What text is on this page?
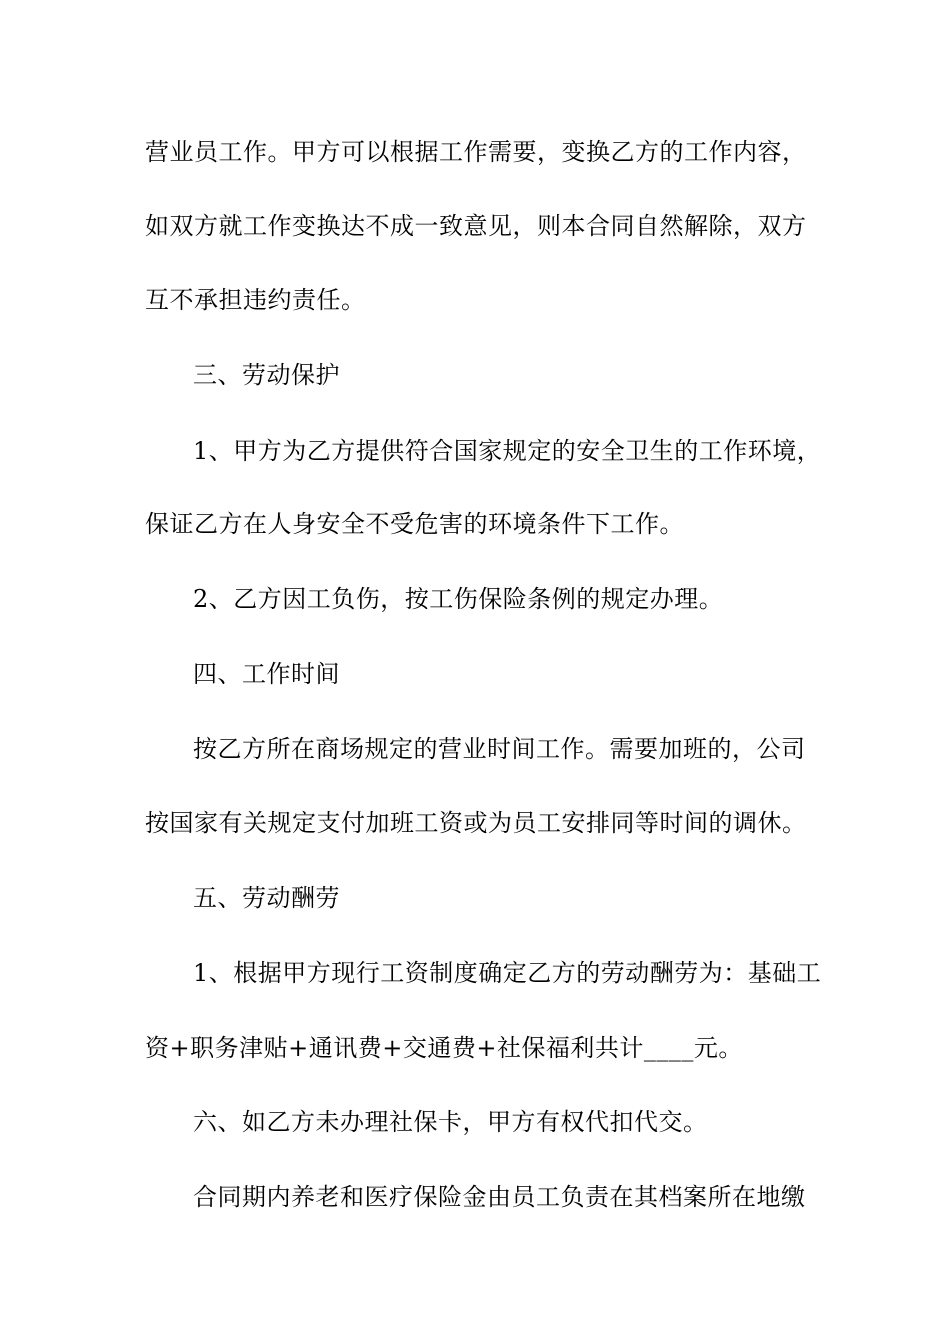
营业员工作。甲方可以根据工作需要，变换乙方的工作内容，
如双方就工作变换达不成一致意见，则本合同自然解除，双方
互不承担违约责任。
三、劳动保护
1、甲方为乙方提供符合国家规定的安全卫生的工作环境，
保证乙方在人身安全不受危害的环境条件下工作。
2、乙方因工负伤，按工伤保险条例的规定办理。
四、工作时间
按乙方所在商场规定的营业时间工作。需要加班的，公司
按国家有关规定支付加班工资或为员工安排同等时间的调休。
五、劳动酬劳
1、根据甲方现行工资制度确定乙方的劳动酬劳为：基础工
资+职务津贴+通讯费+交通费+社保福利共计____元。
六、如乙方未办理社保卡，甲方有权代扣代交。
合同期内养老和医疗保险金由员工负责在其档案所在地缴
